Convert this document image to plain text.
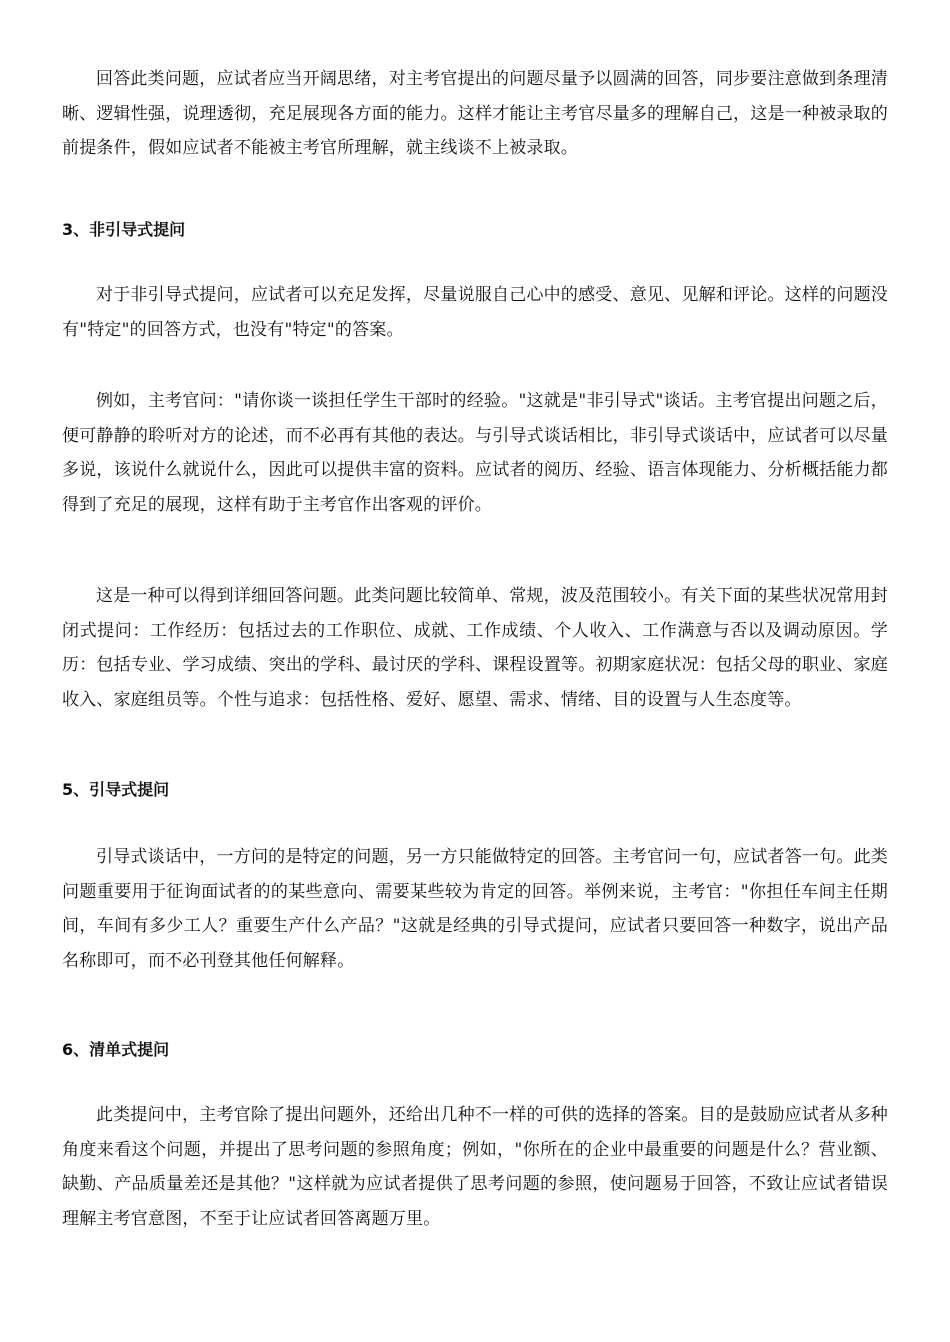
回答此类问题，应试者应当开阔思绪，对主考官提出的问题尽量予以圆满的回答，同步要注意做到条理清晰、逻辑性强，说理透彻，充足展现各方面的能力。这样才能让主考官尽量多的理解自己，这是一种被录取的前提条件，假如应试者不能被主考官所理解，就主线谈不上被录取。

3、非引导式提问

对于非引导式提问，应试者可以充足发挥，尽量说服自己心中的感受、意见、见解和评论。这样的问题没有"特定"的回答方式，也没有"特定"的答案。

例如，主考官问："请你谈一谈担任学生干部时的经验。"这就是"非引导式"谈话。主考官提出问题之后，便可静静的聆听对方的论述，而不必再有其他的表达。与引导式谈话相比，非引导式谈话中，应试者可以尽量多说，该说什么就说什么，因此可以提供丰富的资料。应试者的阅历、经验、语言体现能力、分析概括能力都得到了充足的展现，这样有助于主考官作出客观的评价。

这是一种可以得到详细回答问题。此类问题比较简单、常规，波及范围较小。有关下面的某些状况常用封闭式提问：工作经历：包括过去的工作职位、成就、工作成绩、个人收入、工作满意与否以及调动原因。学历：包括专业、学习成绩、突出的学科、最讨厌的学科、课程设置等。初期家庭状况：包括父母的职业、家庭收入、家庭组员等。个性与追求：包括性格、爱好、愿望、需求、情绪、目的设置与人生态度等。

5、引导式提问

引导式谈话中，一方问的是特定的问题，另一方只能做特定的回答。主考官问一句，应试者答一句。此类问题重要用于征询面试者的的某些意向、需要某些较为肯定的回答。举例来说，主考官："你担任车间主任期间，车间有多少工人？重要生产什么产品？"这就是经典的引导式提问，应试者只要回答一种数字，说出产品名称即可，而不必刊登其他任何解释。

6、清单式提问

此类提问中，主考官除了提出问题外，还给出几种不一样的可供的选择的答案。目的是鼓励应试者从多种角度来看这个问题，并提出了思考问题的参照角度；例如，"你所在的企业中最重要的问题是什么？营业额、缺勤、产品质量差还是其他？"这样就为应试者提供了思考问题的参照，使问题易于回答，不致让应试者错误理解主考官意图，不至于让应试者回答离题万里。
